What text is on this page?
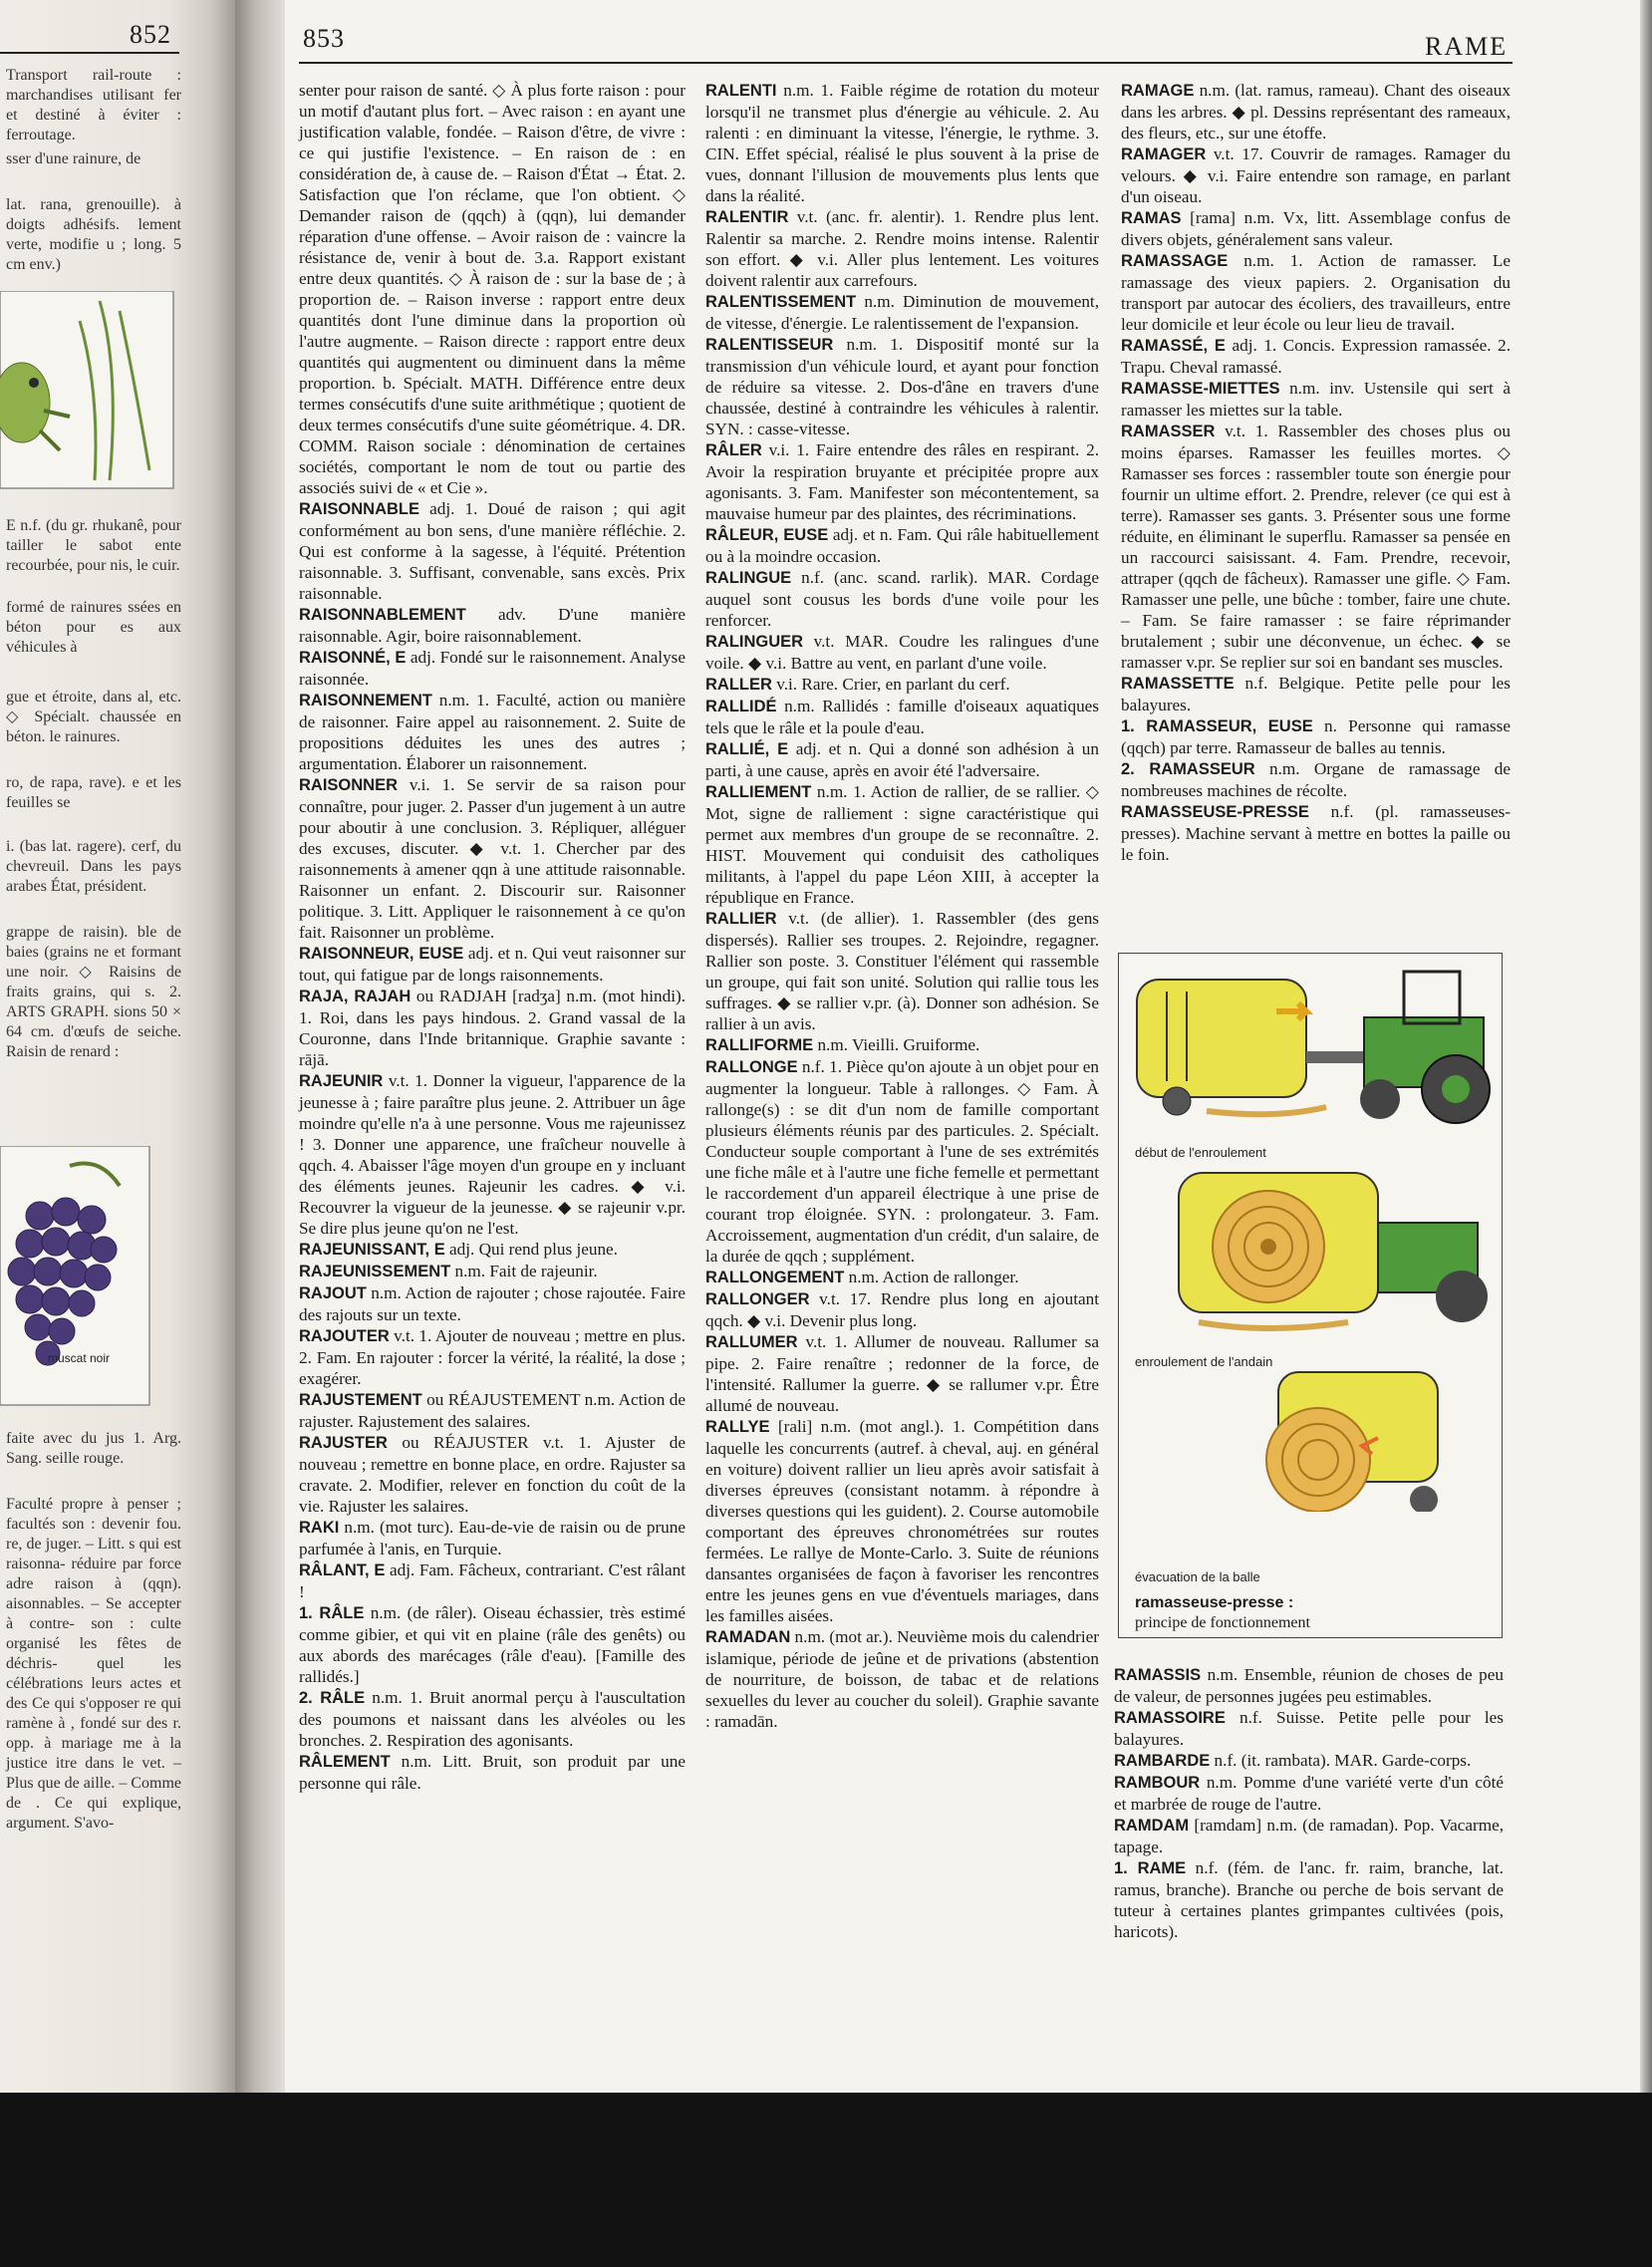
852
Transport rail-route : marchandises utilisant fer et destiné à éviter : ferroutage.
sser d'une rainure, de
lat. rana, grenouille). à doigts adhésifs. lement verte, modifie u ; long. 5 cm env.)
E n.f. (du gr. rhukanê, pour tailler le sabot ente recourbée, pour nis, le cuir.
formé de rainures ssées en béton pour es aux véhicules à
gue et étroite, dans al, etc. ◇ Spécialt. chaussée en béton. le rainures.
ro, de rapa, rave). e et les feuilles se
i. (bas lat. ragere). cerf, du chevreuil. Dans les pays arabes État, président.
grappe de raisin). ble de baies (grains ne et formant une noir. ◇ Raisins de fraits grains, qui s. 2. ARTS GRAPH. sions 50 × 64 cm. d'œufs de seiche. Raisin de renard :
muscat noir
faite avec du jus 1. Arg. Sang. seille rouge.
Faculté propre à penser ; facultés son : devenir fou. re, de juger. – Litt. s qui est raisonna- réduire par force adre raison à (qqn). aisonnables. – Se accepter à contre- son : culte organisé les fêtes de déchris- quel les célébrations leurs actes et des Ce qui s'opposer re qui ramène à , fondé sur des r. opp. à mariage me à la justice itre dans le vet. – Plus que de aille. – Comme de . Ce qui explique, argument. S'avo-
853	RAME

senter pour raison de santé. ◇ À plus forte raison : pour un motif d'autant plus fort. – Avec raison : en ayant une justification valable, fondée. – Raison d'être, de vivre : ce qui justifie l'existence. – En raison de : en considération de, à cause de. – Raison d'État → État. 2. Satisfaction que l'on réclame, que l'on obtient. ◇ Demander raison de (qqch) à (qqn), lui demander réparation d'une offense. – Avoir raison de : vaincre la résistance de, venir à bout de. 3.a. Rapport existant entre deux quantités. ◇ À raison de : sur la base de ; à proportion de. – Raison inverse : rapport entre deux quantités dont l'une diminue dans la proportion où l'autre augmente. – Raison directe : rapport entre deux quantités qui augmentent ou diminuent dans la même proportion. b. Spécialt. MATH. Différence entre deux termes consécutifs d'une suite arithmétique ; quotient de deux termes consécutifs d'une suite géométrique. 4. DR. COMM. Raison sociale : dénomination de certaines sociétés, comportant le nom de tout ou partie des associés suivi de « et Cie ».

RAISONNABLE adj. 1. Doué de raison ; qui agit conformément au bon sens, d'une manière réfléchie. 2. Qui est conforme à la sagesse, à l'équité. Prétention raisonnable. 3. Suffisant, convenable, sans excès. Prix raisonnable.

RAISONNABLEMENT adv. D'une manière raisonnable. Agir, boire raisonnablement.

RAISONNÉ, E adj. Fondé sur le raisonnement. Analyse raisonnée.

RAISONNEMENT n.m. 1. Faculté, action ou manière de raisonner. Faire appel au raisonnement. 2. Suite de propositions déduites les unes des autres ; argumentation. Élaborer un raisonnement.

RAISONNER v.i. 1. Se servir de sa raison pour connaître, pour juger. 2. Passer d'un jugement à un autre pour aboutir à une conclusion. 3. Répliquer, alléguer des excuses, discuter. ◆ v.t. 1. Chercher par des raisonnements à amener qqn à une attitude raisonnable. Raisonner un enfant. 2. Discourir sur. Raisonner politique. 3. Litt. Appliquer le raisonnement à ce qu'on fait. Raisonner un problème.

RAISONNEUR, EUSE adj. et n. Qui veut raisonner sur tout, qui fatigue par de longs raisonnements.

RAJA, RAJAH ou RADJAH [radʒa] n.m. (mot hindi). 1. Roi, dans les pays hindous. 2. Grand vassal de la Couronne, dans l'Inde britannique. Graphie savante : rājā.

RAJEUNIR v.t. 1. Donner la vigueur, l'apparence de la jeunesse à ; faire paraître plus jeune. 2. Attribuer un âge moindre qu'elle n'a à une personne. Vous me rajeunissez ! 3. Donner une apparence, une fraîcheur nouvelle à qqch. 4. Abaisser l'âge moyen d'un groupe en y incluant des éléments jeunes. Rajeunir les cadres. ◆ v.i. Recouvrer la vigueur de la jeunesse. ◆ se rajeunir v.pr. Se dire plus jeune qu'on ne l'est.

RAJEUNISSANT, E adj. Qui rend plus jeune.

RAJEUNISSEMENT n.m. Fait de rajeunir.

RAJOUT n.m. Action de rajouter ; chose rajoutée. Faire des rajouts sur un texte.

RAJOUTER v.t. 1. Ajouter de nouveau ; mettre en plus. 2. Fam. En rajouter : forcer la vérité, la réalité, la dose ; exagérer.

RAJUSTEMENT ou RÉAJUSTEMENT n.m. Action de rajuster. Rajustement des salaires.

RAJUSTER ou RÉAJUSTER v.t. 1. Ajuster de nouveau ; remettre en bonne place, en ordre. Rajuster sa cravate. 2. Modifier, relever en fonction du coût de la vie. Rajuster les salaires.

RAKI n.m. (mot turc). Eau-de-vie de raisin ou de prune parfumée à l'anis, en Turquie.

RÂLANT, E adj. Fam. Fâcheux, contrariant. C'est râlant !

1. RÂLE n.m. (de râler). Oiseau échassier, très estimé comme gibier, et qui vit en plaine (râle des genêts) ou aux abords des marécages (râle d'eau). [Famille des rallidés.]

2. RÂLE n.m. 1. Bruit anormal perçu à l'auscultation des poumons et naissant dans les alvéoles ou les bronches. 2. Respiration des agonisants.

RÂLEMENT n.m. Litt. Bruit, son produit par une personne qui râle.

RALENTI n.m. 1. Faible régime de rotation du moteur lorsqu'il ne transmet plus d'énergie au véhicule. 2. Au ralenti : en diminuant la vitesse, l'énergie, le rythme. 3. CIN. Effet spécial, réalisé le plus souvent à la prise de vues, donnant l'illusion de mouvements plus lents que dans la réalité.

RALENTIR v.t. (anc. fr. alentir). 1. Rendre plus lent. Ralentir sa marche. 2. Rendre moins intense. Ralentir son effort. ◆ v.i. Aller plus lentement. Les voitures doivent ralentir aux carrefours.

RALENTISSEMENT n.m. Diminution de mouvement, de vitesse, d'énergie. Le ralentissement de l'expansion.

RALENTISSEUR n.m. 1. Dispositif monté sur la transmission d'un véhicule lourd, et ayant pour fonction de réduire sa vitesse. 2. Dos-d'âne en travers d'une chaussée, destiné à contraindre les véhicules à ralentir. SYN. : casse-vitesse.

RÂLER v.i. 1. Faire entendre des râles en respirant. 2. Avoir la respiration bruyante et précipitée propre aux agonisants. 3. Fam. Manifester son mécontentement, sa mauvaise humeur par des plaintes, des récriminations.

RÂLEUR, EUSE adj. et n. Fam. Qui râle habituellement ou à la moindre occasion.

RALINGUE n.f. (anc. scand. rarlik). MAR. Cordage auquel sont cousus les bords d'une voile pour les renforcer.

RALINGUER v.t. MAR. Coudre les ralingues d'une voile. ◆ v.i. Battre au vent, en parlant d'une voile.

RALLER v.i. Rare. Crier, en parlant du cerf.

RALLIDÉ n.m. Rallidés : famille d'oiseaux aquatiques tels que le râle et la poule d'eau.

RALLIÉ, E adj. et n. Qui a donné son adhésion à un parti, à une cause, après en avoir été l'adversaire.

RALLIEMENT n.m. 1. Action de rallier, de se rallier. ◇ Mot, signe de ralliement : signe caractéristique qui permet aux membres d'un groupe de se reconnaître. 2. HIST. Mouvement qui conduisit des catholiques militants, à l'appel du pape Léon XIII, à accepter la république en France.

RALLIER v.t. (de allier). 1. Rassembler (des gens dispersés). Rallier ses troupes. 2. Rejoindre, regagner. Rallier son poste. 3. Constituer l'élément qui rassemble un groupe, qui fait son unité. Solution qui rallie tous les suffrages. ◆ se rallier v.pr. (à). Donner son adhésion. Se rallier à un avis.

RALLIFORME n.m. Vieilli. Gruiforme.

RALLONGE n.f. 1. Pièce qu'on ajoute à un objet pour en augmenter la longueur. Table à rallonges. ◇ Fam. À rallonge(s) : se dit d'un nom de famille comportant plusieurs éléments réunis par des particules. 2. Spécialt. Conducteur souple comportant à l'une de ses extrémités une fiche mâle et à l'autre une fiche femelle et permettant le raccordement d'un appareil électrique à une prise de courant trop éloignée. SYN. : prolongateur. 3. Fam. Accroissement, augmentation d'un crédit, d'un salaire, de la durée de qqch ; supplément.

RALLONGEMENT n.m. Action de rallonger.

RALLONGER v.t. 17. Rendre plus long en ajoutant qqch. ◆ v.i. Devenir plus long.

RALLUMER v.t. 1. Allumer de nouveau. Rallumer sa pipe. 2. Faire renaître ; redonner de la force, de l'intensité. Rallumer la guerre. ◆ se rallumer v.pr. Être allumé de nouveau.

RALLYE [rali] n.m. (mot angl.). 1. Compétition dans laquelle les concurrents (autref. à cheval, auj. en général en voiture) doivent rallier un lieu après avoir satisfait à diverses épreuves (consistant notamm. à répondre à diverses questions qui les guident). 2. Course automobile comportant des épreuves chronométrées sur routes fermées. Le rallye de Monte-Carlo. 3. Suite de réunions dansantes organisées de façon à favoriser les rencontres entre les jeunes gens en vue d'éventuels mariages, dans les familles aisées.

RAMADAN n.m. (mot ar.). Neuvième mois du calendrier islamique, période de jeûne et de privations (abstention de nourriture, de boisson, de tabac et de relations sexuelles du lever au coucher du soleil). Graphie savante : ramadān.

RAMAGE n.m. (lat. ramus, rameau). Chant des oiseaux dans les arbres. ◆ pl. Dessins représentant des rameaux, des fleurs, etc., sur une étoffe.

RAMAGER v.t. 17. Couvrir de ramages. Ramager du velours. ◆ v.i. Faire entendre son ramage, en parlant d'un oiseau.

RAMAS [rama] n.m. Vx, litt. Assemblage confus de divers objets, généralement sans valeur.

RAMASSAGE n.m. 1. Action de ramasser. Le ramassage des vieux papiers. 2. Organisation du transport par autocar des écoliers, des travailleurs, entre leur domicile et leur école ou leur lieu de travail.

RAMASSÉ, E adj. 1. Concis. Expression ramassée. 2. Trapu. Cheval ramassé.

RAMASSE-MIETTES n.m. inv. Ustensile qui sert à ramasser les miettes sur la table.

RAMASSER v.t. 1. Rassembler des choses plus ou moins éparses. Ramasser les feuilles mortes. ◇ Ramasser ses forces : rassembler toute son énergie pour fournir un ultime effort. 2. Prendre, relever (ce qui est à terre). Ramasser ses gants. 3. Présenter sous une forme réduite, en éliminant le superflu. Ramasser sa pensée en un raccourci saisissant. 4. Fam. Prendre, recevoir, attraper (qqch de fâcheux). Ramasser une gifle. ◇ Fam. Ramasser une pelle, une bûche : tomber, faire une chute. – Fam. Se faire ramasser : se faire réprimander brutalement ; subir une déconvenue, un échec. ◆ se ramasser v.pr. Se replier sur soi en bandant ses muscles.

RAMASSETTE n.f. Belgique. Petite pelle pour les balayures.

1. RAMASSEUR, EUSE n. Personne qui ramasse (qqch) par terre. Ramasseur de balles au tennis.

2. RAMASSEUR n.m. Organe de ramassage de nombreuses machines de récolte.

RAMASSEUSE-PRESSE n.f. (pl. ramasseuses-presses). Machine servant à mettre en bottes la paille ou le foin.

début de l'enroulement
enroulement de l'andain
évacuation de la balle
ramasseuse-presse :
principe de fonctionnement

RAMASSIS n.m. Ensemble, réunion de choses de peu de valeur, de personnes jugées peu estimables.

RAMASSOIRE n.f. Suisse. Petite pelle pour les balayures.

RAMBARDE n.f. (it. rambata). MAR. Garde-corps.

RAMBOUR n.m. Pomme d'une variété verte d'un côté et marbrée de rouge de l'autre.

RAMDAM [ramdam] n.m. (de ramadan). Pop. Vacarme, tapage.

1. RAME n.f. (fém. de l'anc. fr. raim, branche, lat. ramus, branche). Branche ou perche de bois servant de tuteur à certaines plantes grimpantes cultivées (pois, haricots).
